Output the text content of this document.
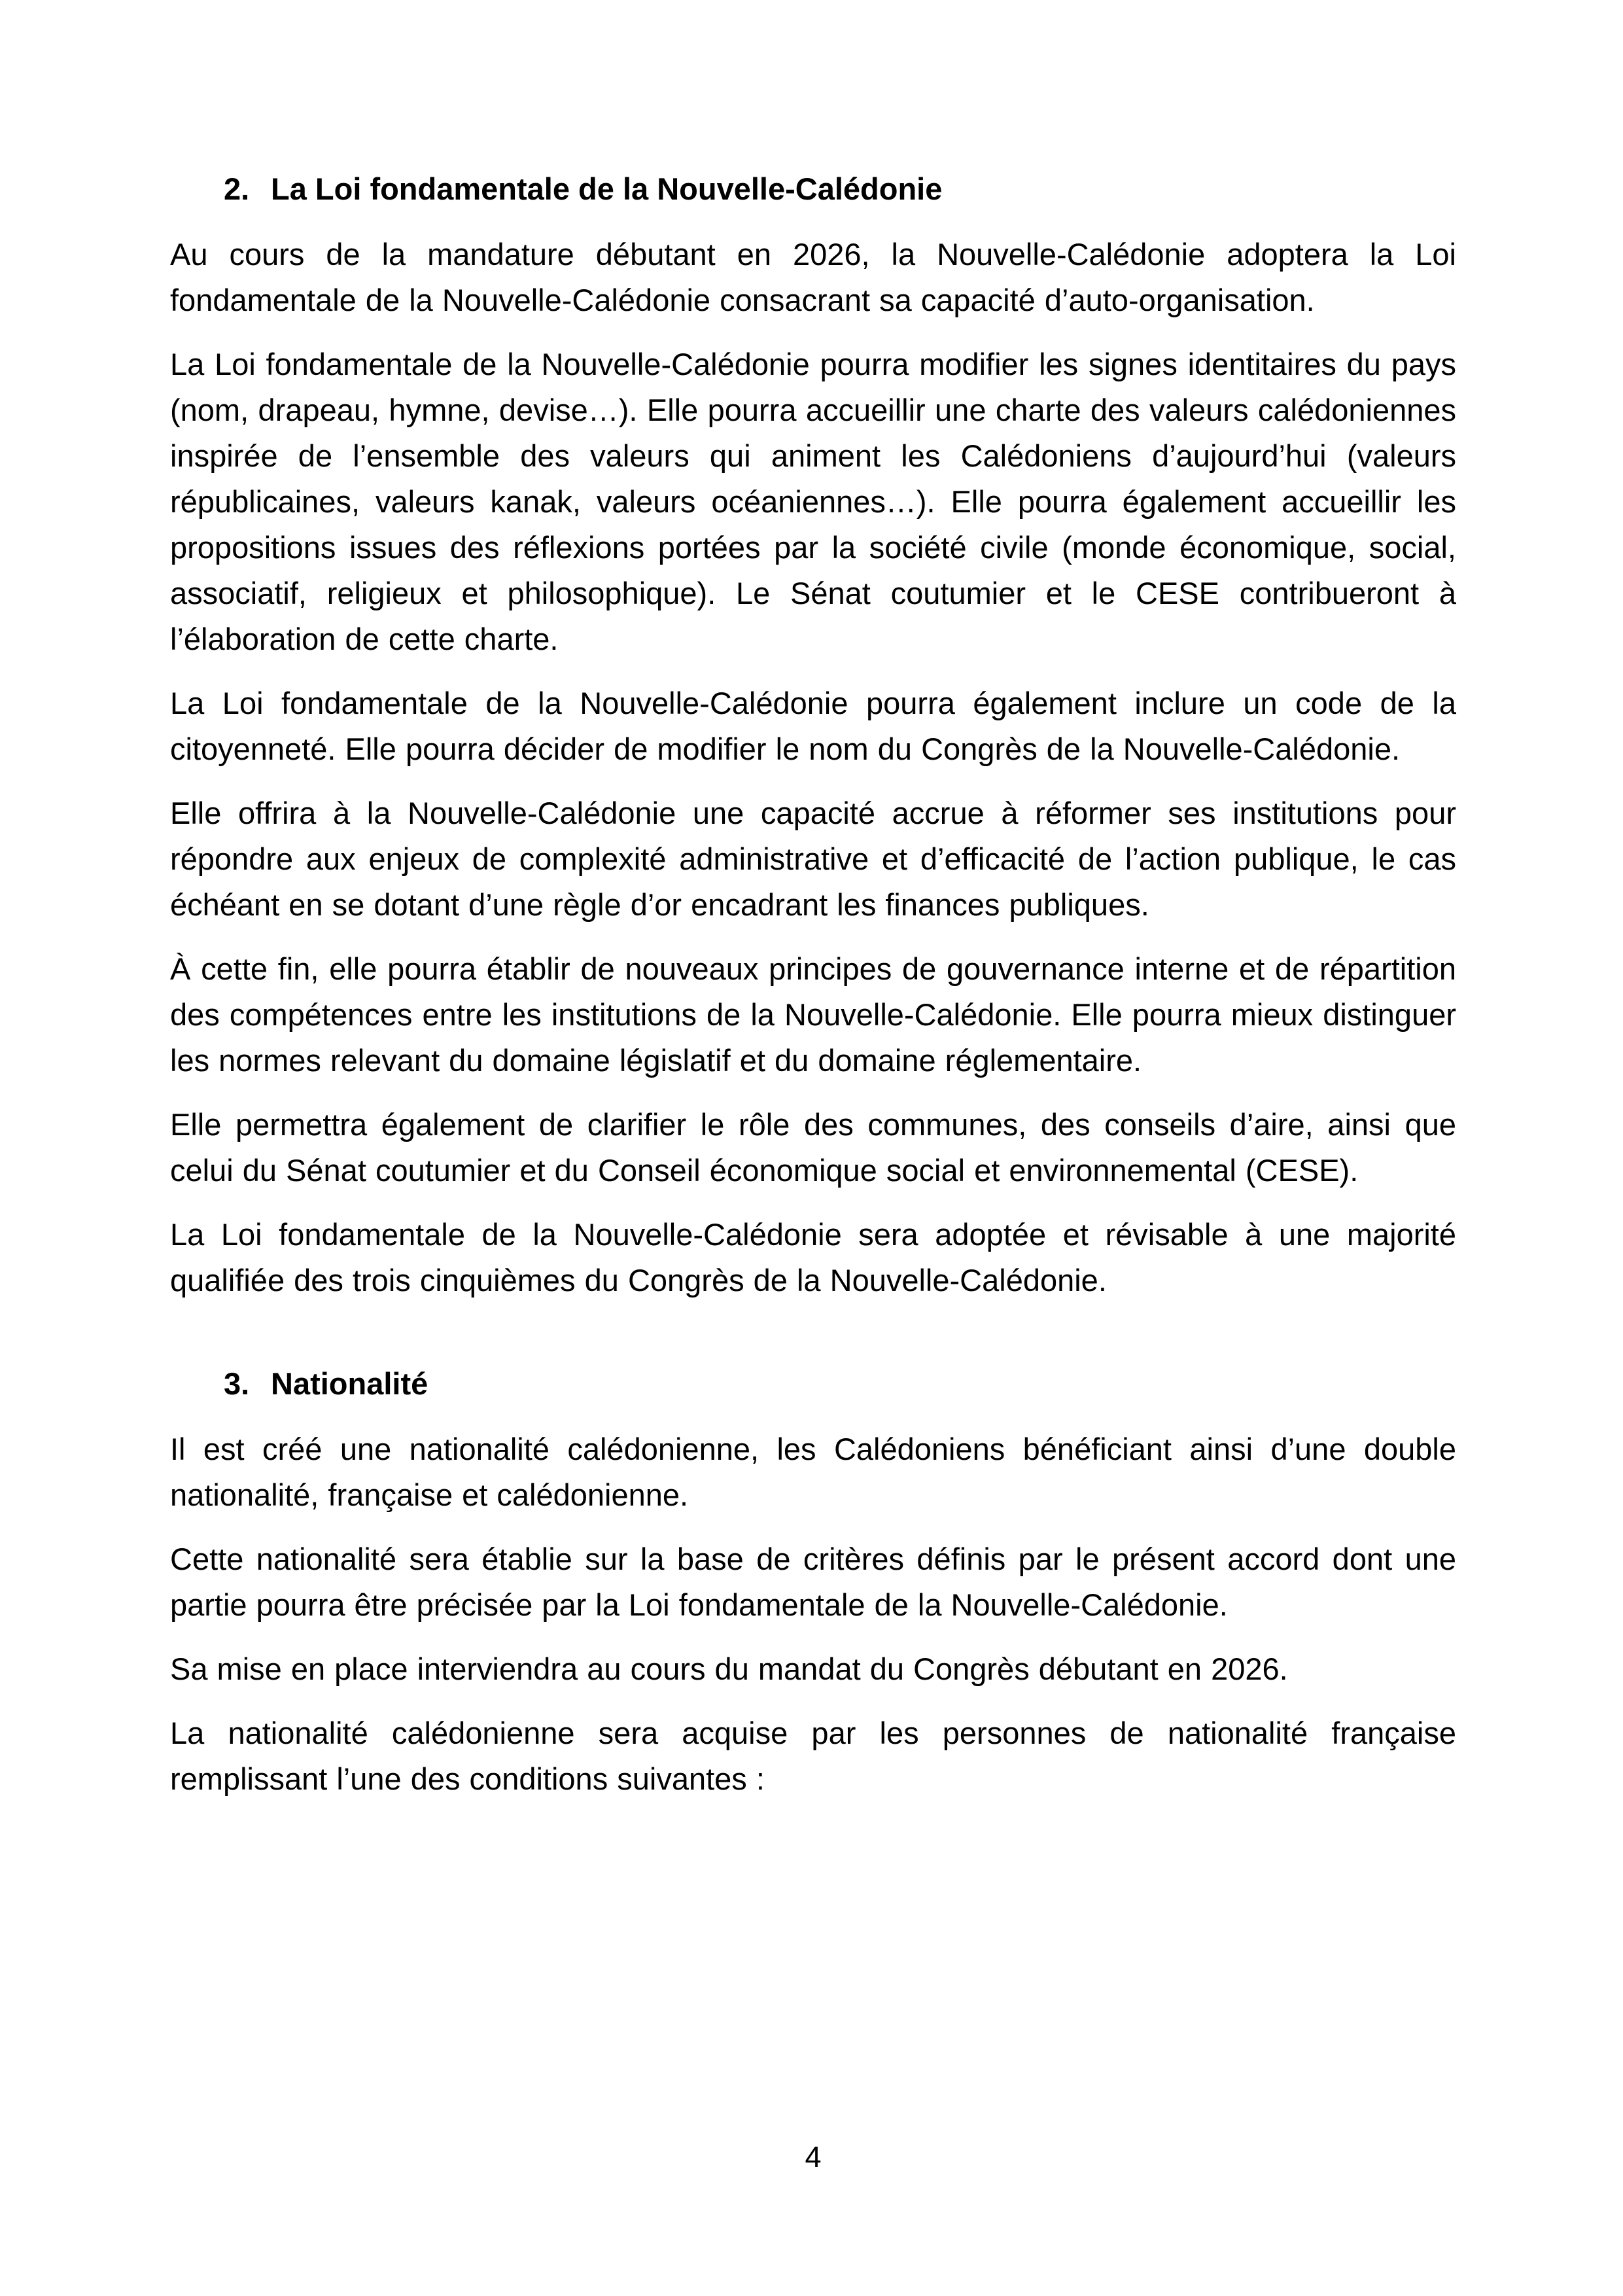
2. La Loi fondamentale de la Nouvelle-Calédonie

Au cours de la mandature débutant en 2026, la Nouvelle-Calédonie adoptera la Loi fondamentale de la Nouvelle-Calédonie consacrant sa capacité d’auto-organisation.

La Loi fondamentale de la Nouvelle-Calédonie pourra modifier les signes identitaires du pays (nom, drapeau, hymne, devise…). Elle pourra accueillir une charte des valeurs calédoniennes inspirée de l’ensemble des valeurs qui animent les Calédoniens d’aujourd’hui (valeurs républicaines, valeurs kanak, valeurs océaniennes…). Elle pourra également accueillir les propositions issues des réflexions portées par la société civile (monde économique, social, associatif, religieux et philosophique). Le Sénat coutumier et le CESE contribueront à l’élaboration de cette charte.

La Loi fondamentale de la Nouvelle-Calédonie pourra également inclure un code de la citoyenneté. Elle pourra décider de modifier le nom du Congrès de la Nouvelle-Calédonie.

Elle offrira à la Nouvelle-Calédonie une capacité accrue à réformer ses institutions pour répondre aux enjeux de complexité administrative et d’efficacité de l’action publique, le cas échéant en se dotant d’une règle d’or encadrant les finances publiques.

À cette fin, elle pourra établir de nouveaux principes de gouvernance interne et de répartition des compétences entre les institutions de la Nouvelle-Calédonie. Elle pourra mieux distinguer les normes relevant du domaine législatif et du domaine réglementaire.

Elle permettra également de clarifier le rôle des communes, des conseils d’aire, ainsi que celui du Sénat coutumier et du Conseil économique social et environnemental (CESE).

La Loi fondamentale de la Nouvelle-Calédonie sera adoptée et révisable à une majorité qualifiée des trois cinquièmes du Congrès de la Nouvelle-Calédonie.

3. Nationalité

Il est créé une nationalité calédonienne, les Calédoniens bénéficiant ainsi d’une double nationalité, française et calédonienne.

Cette nationalité sera établie sur la base de critères définis par le présent accord dont une partie pourra être précisée par la Loi fondamentale de la Nouvelle-Calédonie.

Sa mise en place interviendra au cours du mandat du Congrès débutant en 2026.

La nationalité calédonienne sera acquise par les personnes de nationalité française remplissant l’une des conditions suivantes :

4
